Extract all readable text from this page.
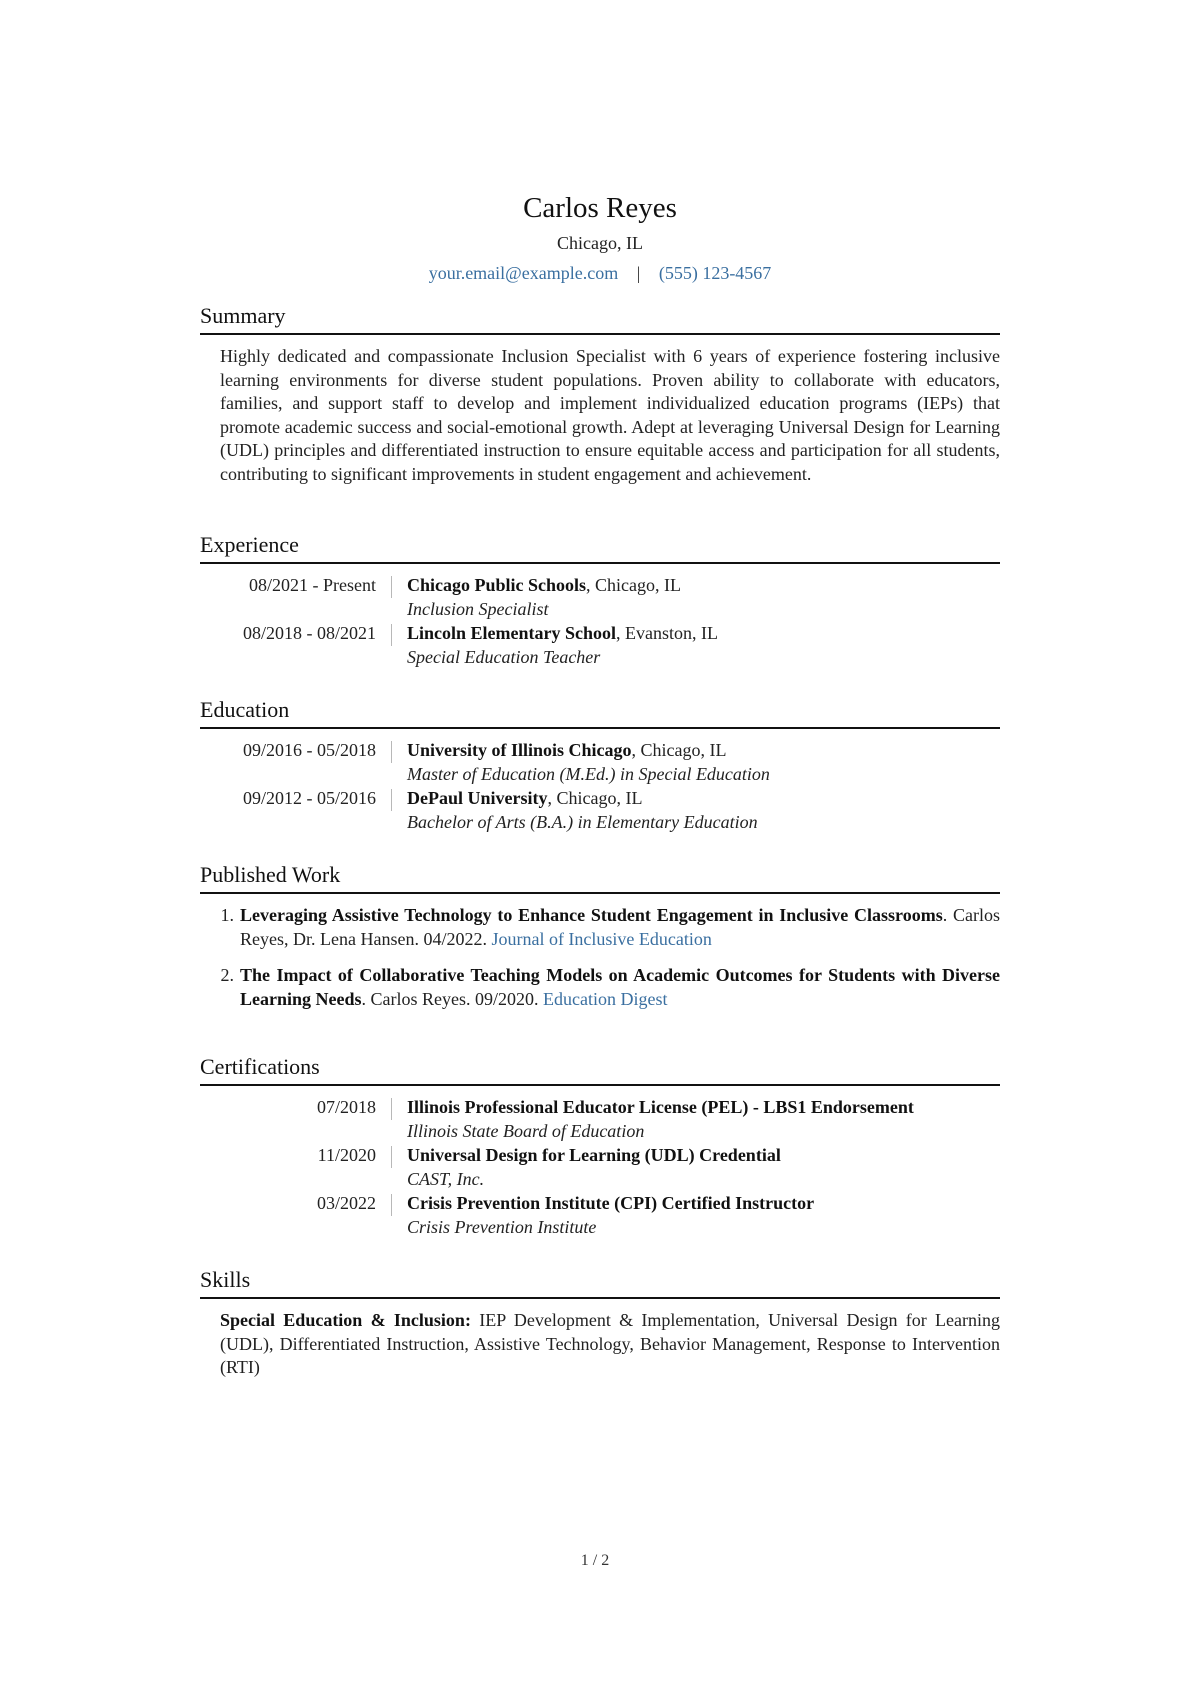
Carlos Reyes
Chicago, IL
your.email@example.com | (555) 123-4567
Summary
Highly dedicated and compassionate Inclusion Specialist with 6 years of experience fostering inclusive learning environments for diverse student populations. Proven ability to collaborate with educators, families, and support staff to develop and implement individualized education programs (IEPs) that promote academic success and social-emotional growth. Adept at leveraging Universal Design for Learning (UDL) principles and differentiated instruction to ensure equitable access and participation for all students, contributing to significant improvements in student engagement and achievement.
Experience
08/2021 - Present Chicago Public Schools, Chicago, IL
Inclusion Specialist
08/2018 - 08/2021 Lincoln Elementary School, Evanston, IL
Special Education Teacher
Education
09/2016 - 05/2018 University of Illinois Chicago, Chicago, IL
Master of Education (M.Ed.) in Special Education
09/2012 - 05/2016 DePaul University, Chicago, IL
Bachelor of Arts (B.A.) in Elementary Education
Published Work
1. Leveraging Assistive Technology to Enhance Student Engagement in Inclusive Classrooms. Carlos Reyes, Dr. Lena Hansen. 04/2022. Journal of Inclusive Education
2. The Impact of Collaborative Teaching Models on Academic Outcomes for Students with Diverse Learning Needs. Carlos Reyes. 09/2020. Education Digest
Certifications
07/2018 Illinois Professional Educator License (PEL) - LBS1 Endorsement
Illinois State Board of Education
11/2020 Universal Design for Learning (UDL) Credential
CAST, Inc.
03/2022 Crisis Prevention Institute (CPI) Certified Instructor
Crisis Prevention Institute
Skills
Special Education & Inclusion: IEP Development & Implementation, Universal Design for Learning (UDL), Differentiated Instruction, Assistive Technology, Behavior Management, Response to Intervention (RTI)
1 / 2
